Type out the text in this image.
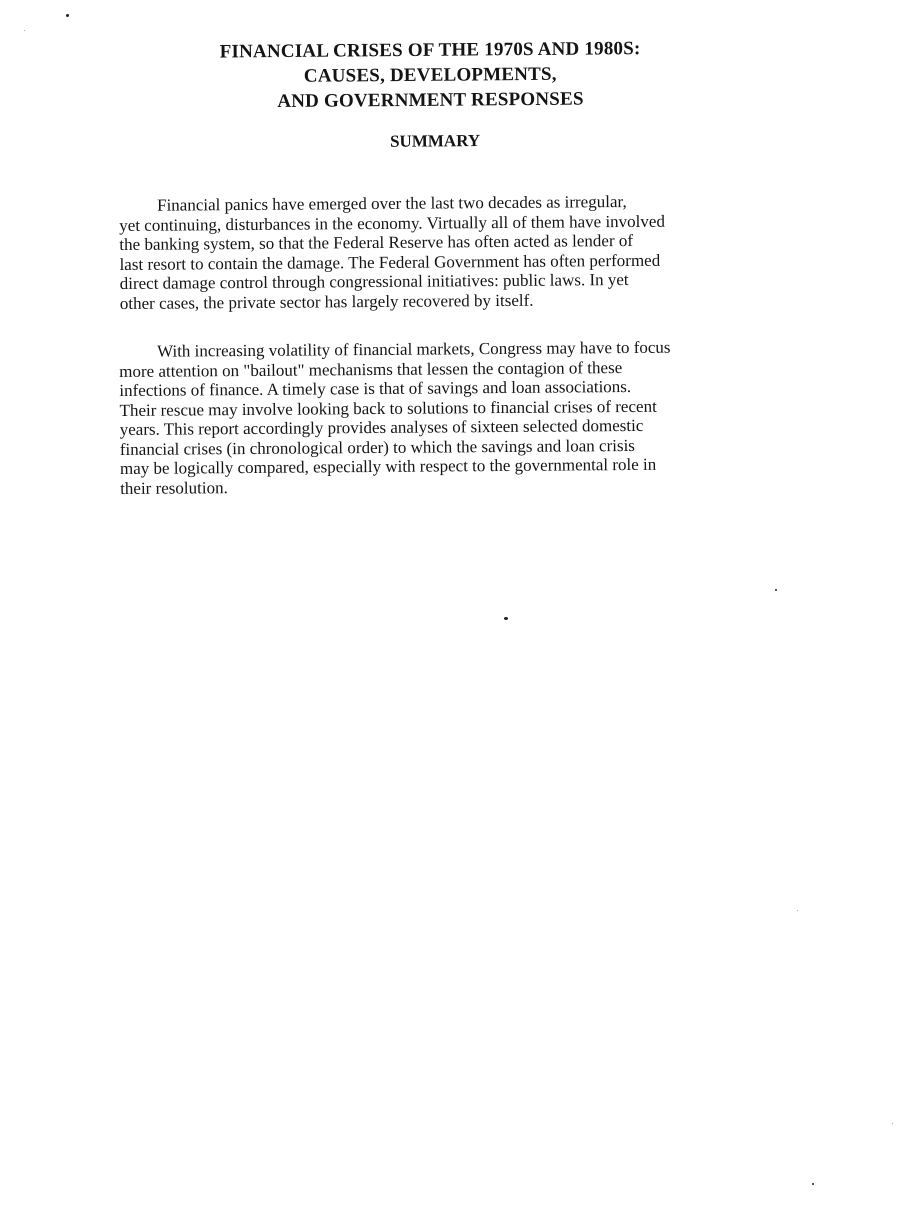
FINANCIAL CRISES OF THE 1970S AND 1980S:
CAUSES, DEVELOPMENTS,
AND GOVERNMENT RESPONSES
SUMMARY

Financial panics have emerged over the last two decades as irregular,
yet continuing, disturbances in the economy. Virtually all of them have involved
the banking system, so that the Federal Reserve has often acted as lender of
last resort to contain the damage. The Federal Government has often performed
direct damage control through congressional initiatives: public laws. In yet
other cases, the private sector has largely recovered by itself.

With increasing volatility of financial markets, Congress may have to focus
more attention on "bailout" mechanisms that lessen the contagion of these
infections of finance. A timely case is that of savings and loan associations.
Their rescue may involve looking back to solutions to financial crises of recent
years. This report accordingly provides analyses of sixteen selected domestic
financial crises (in chronological order) to which the savings and loan crisis
may be logically compared, especially with respect to the governmental role in
their resolution.
